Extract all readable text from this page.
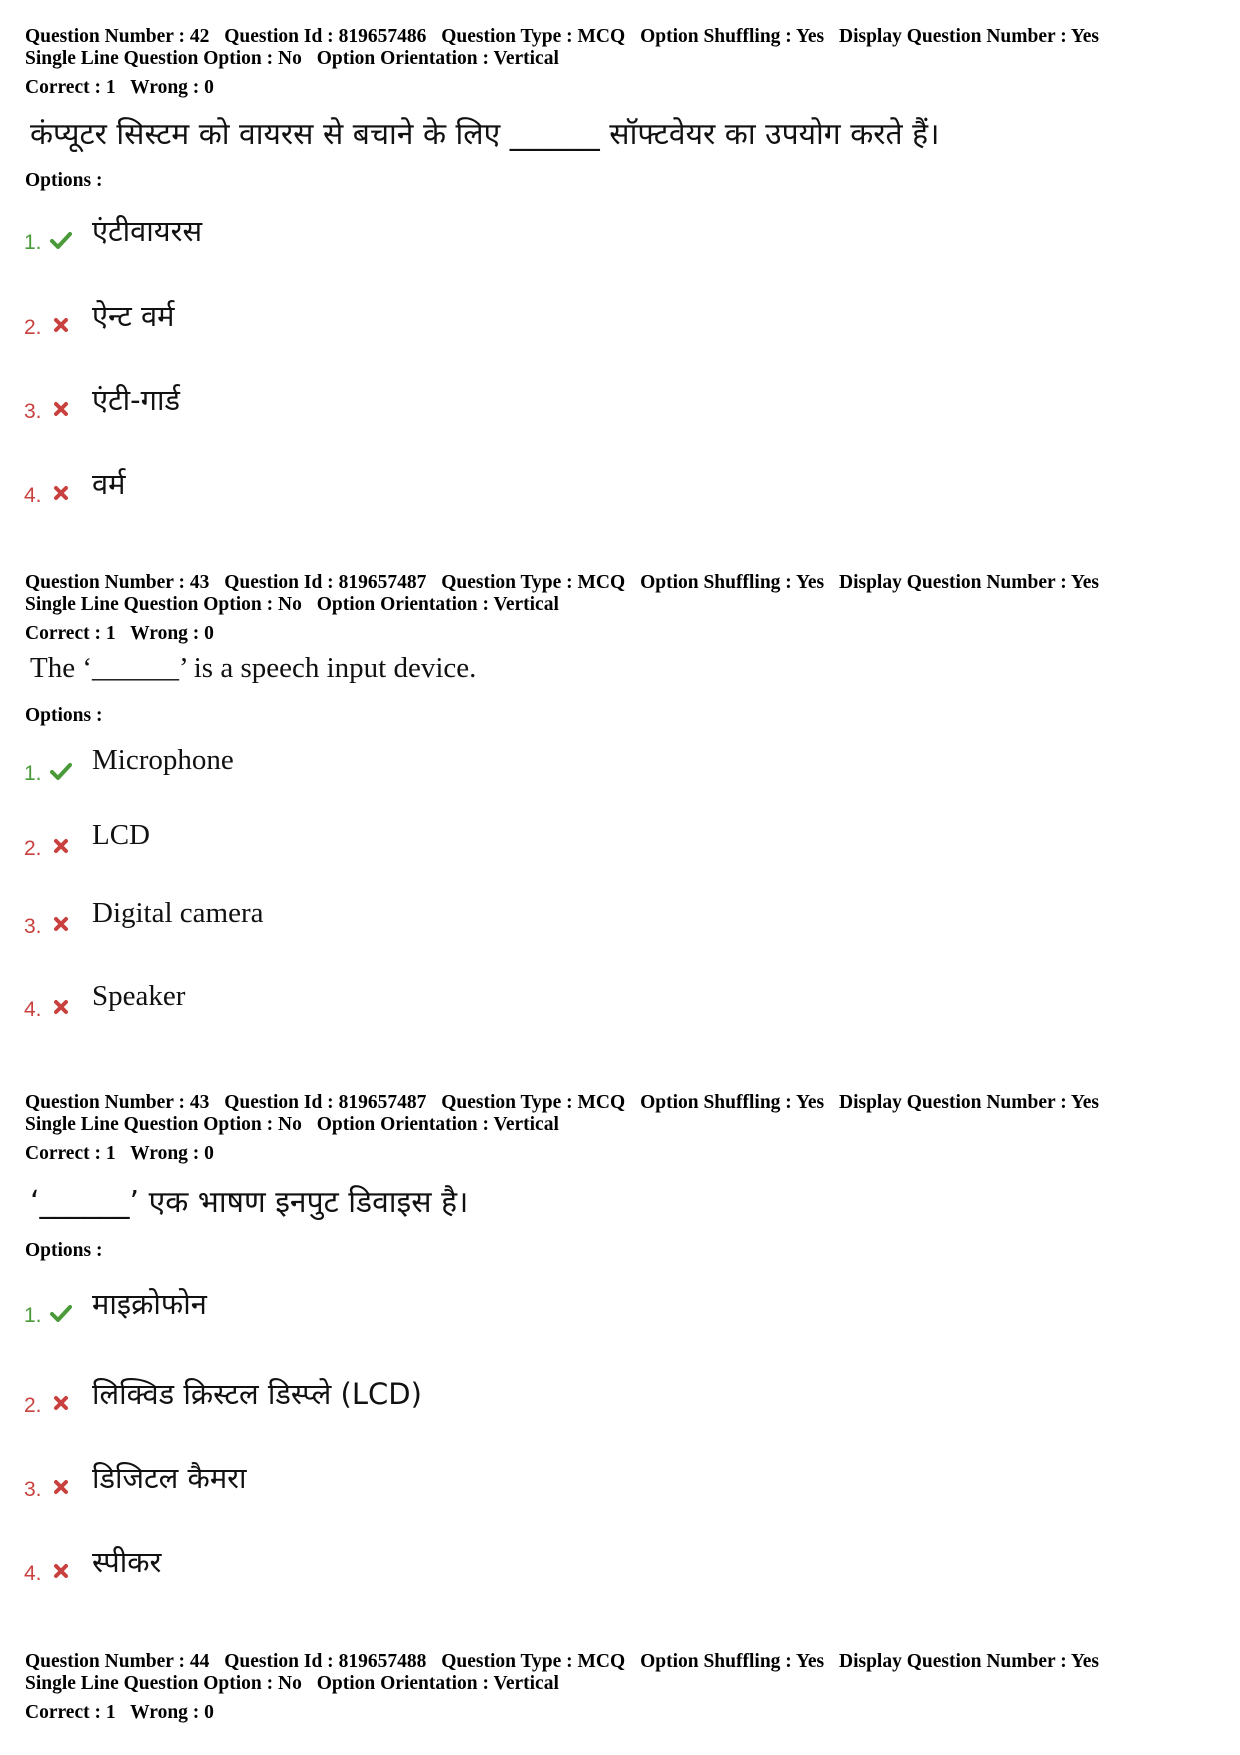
Question Number : 42 Question Id : 819657486 Question Type : MCQ Option Shuffling : Yes Display Question Number : Yes
Single Line Question Option : No Option Orientation : Vertical
Correct : 1 Wrong : 0
कंप्यूटर सिस्टम को वायरस से बचाने के लिए ______ सॉफ्टवेयर का उपयोग करते हैं।
Options :
1. एंटीवायरस
2. ऐन्ट वर्म
3. एंटी-गार्ड
4. वर्म
Question Number : 43 Question Id : 819657487 Question Type : MCQ Option Shuffling : Yes Display Question Number : Yes
Single Line Question Option : No Option Orientation : Vertical
Correct : 1 Wrong : 0
The ‘______’ is a speech input device.
Options :
1. Microphone
2. LCD
3. Digital camera
4. Speaker
Question Number : 43 Question Id : 819657487 Question Type : MCQ Option Shuffling : Yes Display Question Number : Yes
Single Line Question Option : No Option Orientation : Vertical
Correct : 1 Wrong : 0
‘______’ एक भाषण इनपुट डिवाइस है।
Options :
1. माइक्रोफोन
2. लिक्विड क्रिस्टल डिस्प्ले (LCD)
3. डिजिटल कैमरा
4. स्पीकर
Question Number : 44 Question Id : 819657488 Question Type : MCQ Option Shuffling : Yes Display Question Number : Yes
Single Line Question Option : No Option Orientation : Vertical
Correct : 1 Wrong : 0
